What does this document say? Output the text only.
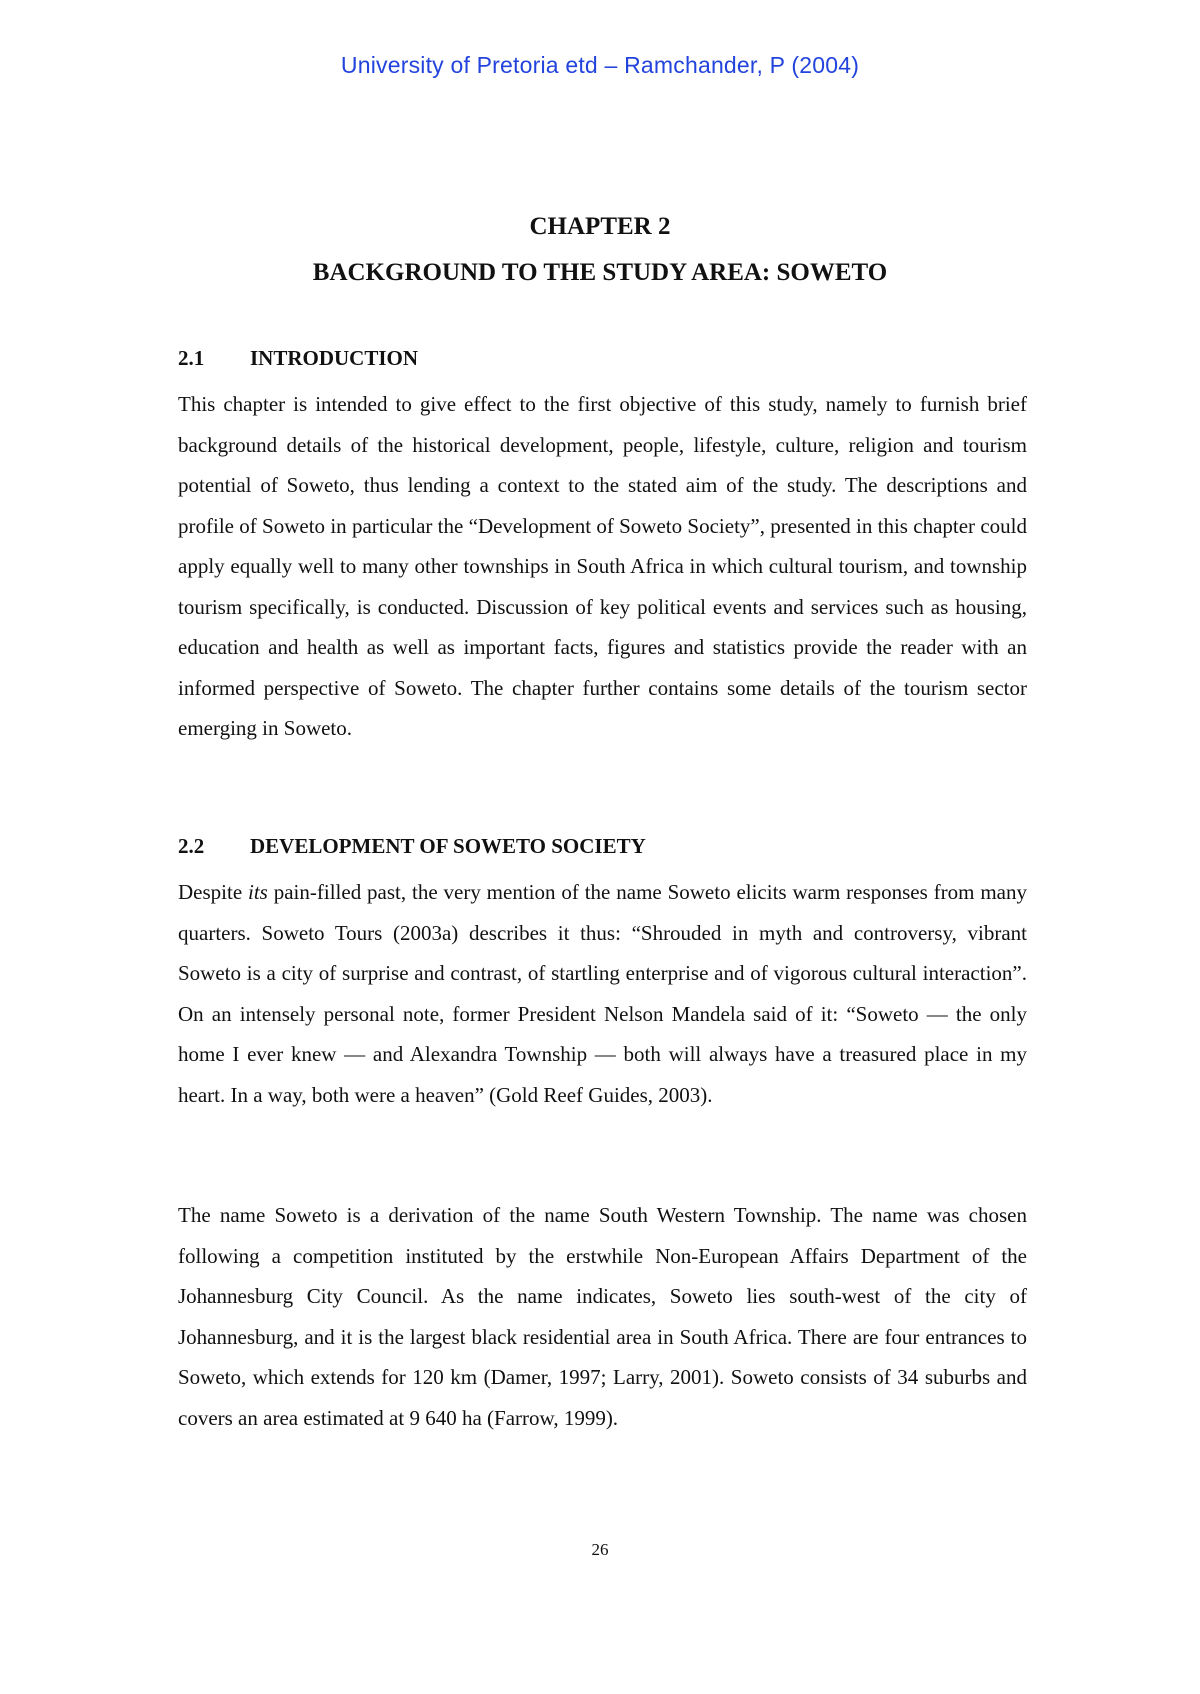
University of Pretoria etd – Ramchander, P (2004)
CHAPTER 2
BACKGROUND TO THE STUDY AREA: SOWETO
2.1 INTRODUCTION

This chapter is intended to give effect to the first objective of this study, namely to furnish brief background details of the historical development, people, lifestyle, culture, religion and tourism potential of Soweto, thus lending a context to the stated aim of the study. The descriptions and profile of Soweto in particular the “Development of Soweto Society”, presented in this chapter could apply equally well to many other townships in South Africa in which cultural tourism, and township tourism specifically, is conducted. Discussion of key political events and services such as housing, education and health as well as important facts, figures and statistics provide the reader with an informed perspective of Soweto. The chapter further contains some details of the tourism sector emerging in Soweto.

2.2 DEVELOPMENT OF SOWETO SOCIETY

Despite its pain-filled past, the very mention of the name Soweto elicits warm responses from many quarters. Soweto Tours (2003a) describes it thus: “Shrouded in myth and controversy, vibrant Soweto is a city of surprise and contrast, of startling enterprise and of vigorous cultural interaction”. On an intensely personal note, former President Nelson Mandela said of it: “Soweto — the only home I ever knew — and Alexandra Township — both will always have a treasured place in my heart. In a way, both were a heaven” (Gold Reef Guides, 2003).

The name Soweto is a derivation of the name South Western Township. The name was chosen following a competition instituted by the erstwhile Non-European Affairs Department of the Johannesburg City Council. As the name indicates, Soweto lies south-west of the city of Johannesburg, and it is the largest black residential area in South Africa. There are four entrances to Soweto, which extends for 120 km (Damer, 1997; Larry, 2001). Soweto consists of 34 suburbs and covers an area estimated at 9 640 ha (Farrow, 1999).

26
